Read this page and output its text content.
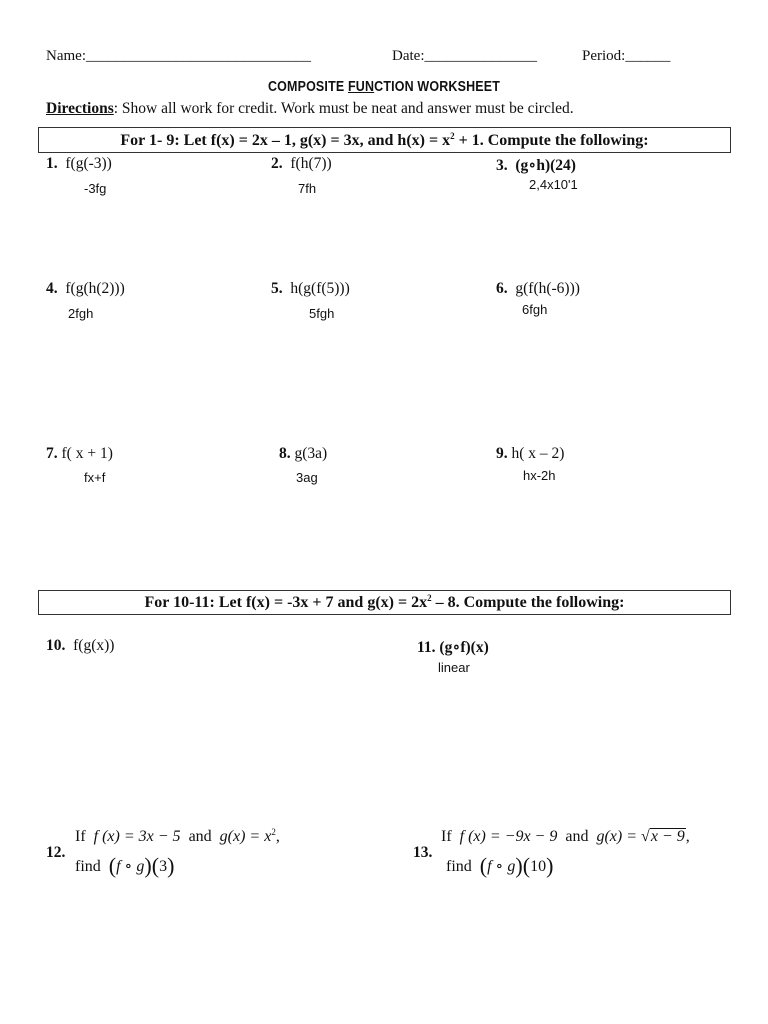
Name:______________________________	Date:_______________	Period:______
COMPOSITE FUNCTION WORKSHEET
Directions: Show all work for credit. Work must be neat and answer must be circled.
For 1- 9: Let f(x) = 2x – 1, g(x) = 3x, and $h(x) = x^2 + 1$. Compute the following:
1. f(g(-3))
-3fg
2. f(h(7))
7fh
3. (g∘h)(24)
2,4x10'1
4. f(g(h(2)))
2fgh
5. h(g(f(5)))
5fgh
6. g(f(h(-6)))
6fgh
7. f( x + 1)
fx+f
8. g(3a)
3ag
9. h( x – 2)
hx-2h
For 10-11: Let f(x) = -3x + 7 and $g(x) = 2x^2 - 8$. Compute the following:
10. f(g(x))	11. (g∘f)(x)
linear
12.
If f (x) = 3x − 5 and $g(x) = x^2$,
find (f ∘ g)(3)
13.
If f (x) = −9x − 9 and g(x) = √x − 9,
find (f ∘ g)(10)
